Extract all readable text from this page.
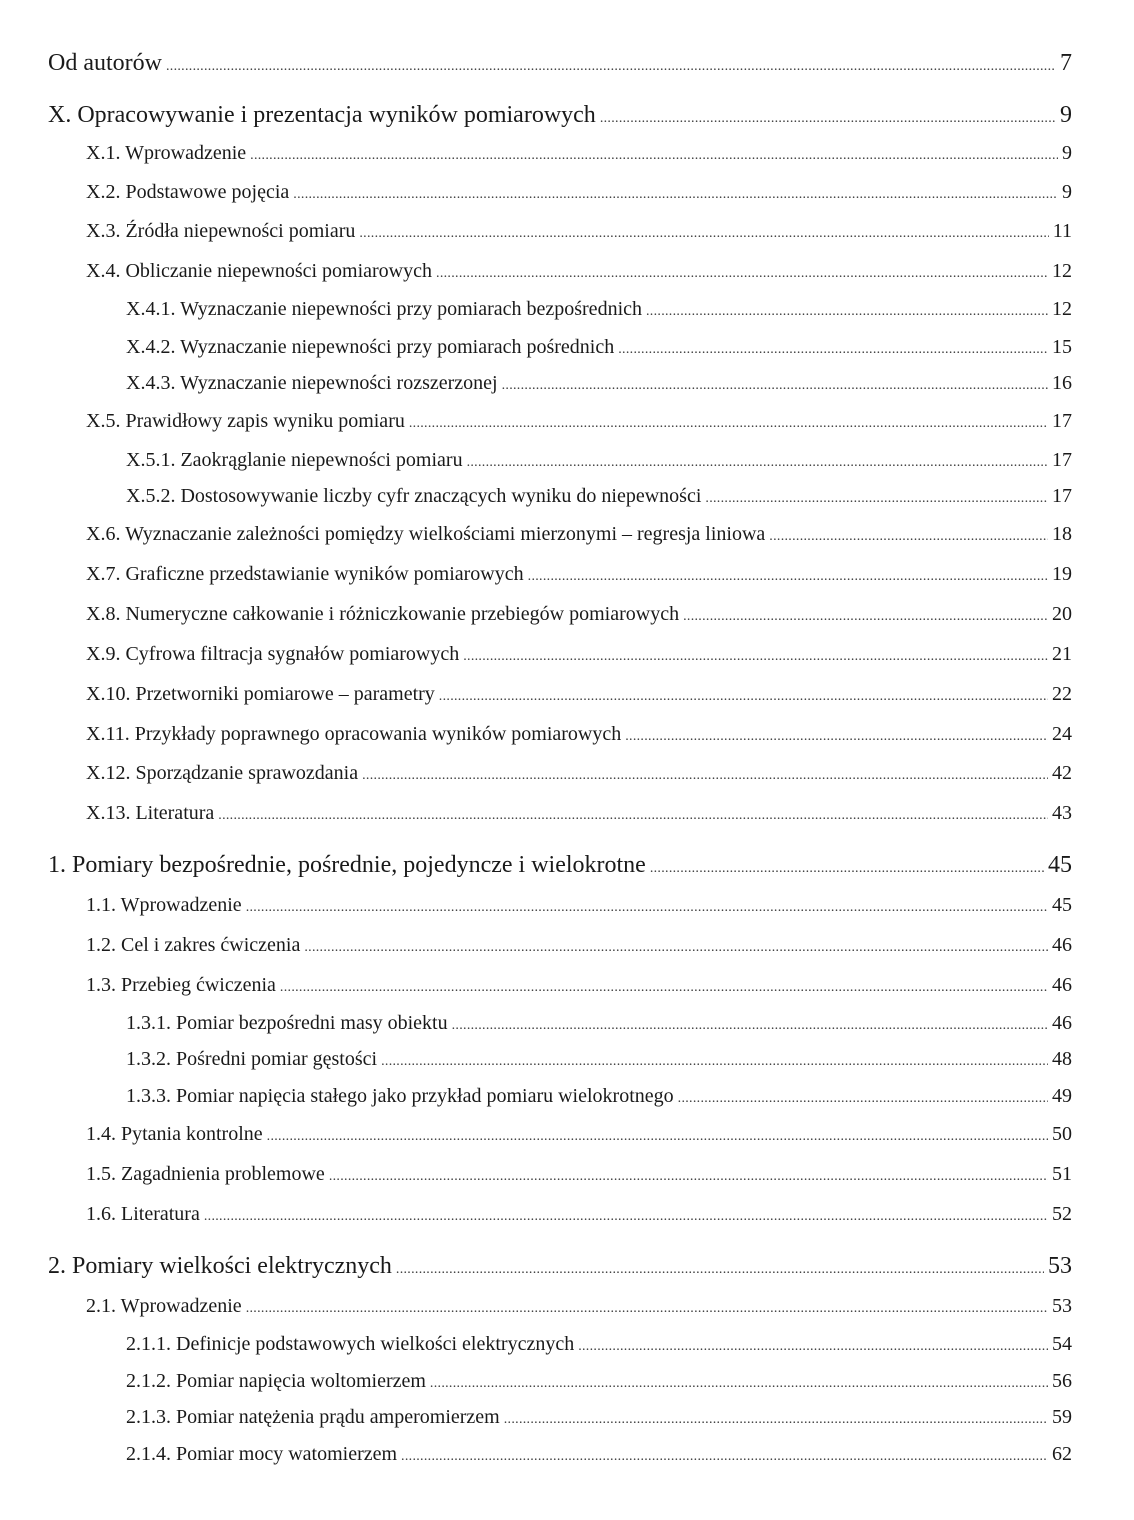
Od autorów . . .	7
X. Opracowywanie i prezentacja wyników pomiarowych . . .	9
X.1. Wprowadzenie . . .	9
X.2. Podstawowe pojęcia . . .	9
X.3. Źródła niepewności pomiaru . . .	11
X.4. Obliczanie niepewności pomiarowych . . .	12
X.4.1. Wyznaczanie niepewności przy pomiarach bezpośrednich . . .	12
X.4.2. Wyznaczanie niepewności przy pomiarach pośrednich . . .	15
X.4.3. Wyznaczanie niepewności rozszerzonej . . .	16
X.5. Prawidłowy zapis wyniku pomiaru . . .	17
X.5.1. Zaokrąglanie niepewności pomiaru . . .	17
X.5.2. Dostosowywanie liczby cyfr znaczących wyniku do niepewności . . .	17
X.6. Wyznaczanie zależności pomiędzy wielkościami mierzonymi – regresja liniowa . . .	18
X.7. Graficzne przedstawianie wyników pomiarowych . . .	19
X.8. Numeryczne całkowanie i różniczkowanie przebiegów pomiarowych . . .	20
X.9. Cyfrowa filtracja sygnałów pomiarowych . . .	21
X.10. Przetworniki pomiarowe – parametry . . .	22
X.11. Przykłady poprawnego opracowania wyników pomiarowych . . .	24
X.12. Sporządzanie sprawozdania . . .	42
X.13. Literatura . . .	43
1. Pomiary bezpośrednie, pośrednie, pojedyncze i wielokrotne . . .	45
1.1. Wprowadzenie . . .	45
1.2. Cel i zakres ćwiczenia . . .	46
1.3. Przebieg ćwiczenia . . .	46
1.3.1. Pomiar bezpośredni masy obiektu . . .	46
1.3.2. Pośredni pomiar gęstości . . .	48
1.3.3. Pomiar napięcia stałego jako przykład pomiaru wielokrotnego . . .	49
1.4. Pytania kontrolne . . .	50
1.5. Zagadnienia problemowe . . .	51
1.6. Literatura . . .	52
2. Pomiary wielkości elektrycznych . . .	53
2.1. Wprowadzenie . . .	53
2.1.1. Definicje podstawowych wielkości elektrycznych . . .	54
2.1.2. Pomiar napięcia woltomierzem . . .	56
2.1.3. Pomiar natężenia prądu amperomierzem . . .	59
2.1.4. Pomiar mocy watomierzem . . .	62
